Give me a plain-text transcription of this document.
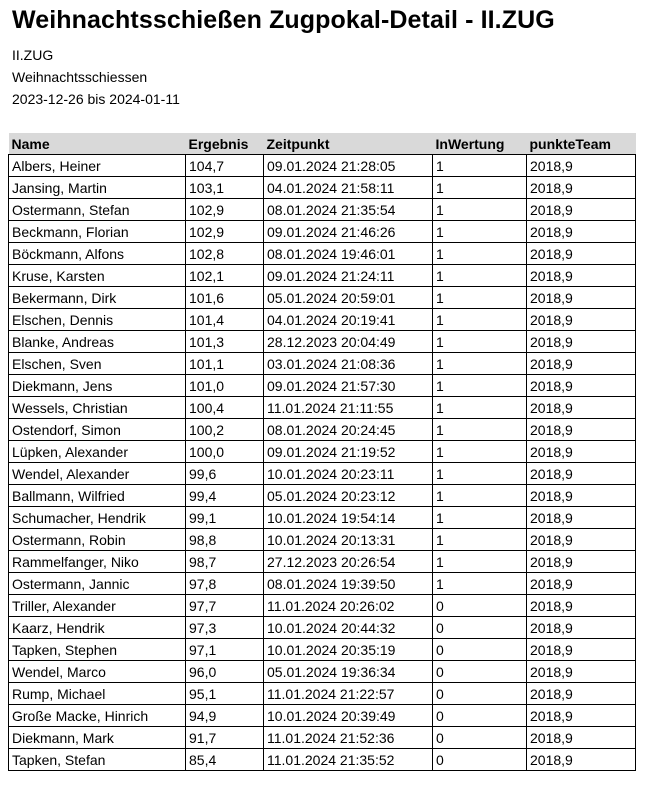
Weihnachtsschießen Zugpokal-Detail - II.ZUG
II.ZUG
Weihnachtsschiessen
2023-12-26 bis 2024-01-11
Name	Ergebnis	Zeitpunkt	InWertung	punkteTeam
Albers, Heiner	104,7	09.01.2024 21:28:05	1	2018,9
Jansing, Martin	103,1	04.01.2024 21:58:11	1	2018,9
Ostermann, Stefan	102,9	08.01.2024 21:35:54	1	2018,9
Beckmann, Florian	102,9	09.01.2024 21:46:26	1	2018,9
Böckmann, Alfons	102,8	08.01.2024 19:46:01	1	2018,9
Kruse, Karsten	102,1	09.01.2024 21:24:11	1	2018,9
Bekermann, Dirk	101,6	05.01.2024 20:59:01	1	2018,9
Elschen, Dennis	101,4	04.01.2024 20:19:41	1	2018,9
Blanke, Andreas	101,3	28.12.2023 20:04:49	1	2018,9
Elschen, Sven	101,1	03.01.2024 21:08:36	1	2018,9
Diekmann, Jens	101,0	09.01.2024 21:57:30	1	2018,9
Wessels, Christian	100,4	11.01.2024 21:11:55	1	2018,9
Ostendorf, Simon	100,2	08.01.2024 20:24:45	1	2018,9
Lüpken, Alexander	100,0	09.01.2024 21:19:52	1	2018,9
Wendel, Alexander	99,6	10.01.2024 20:23:11	1	2018,9
Ballmann, Wilfried	99,4	05.01.2024 20:23:12	1	2018,9
Schumacher, Hendrik	99,1	10.01.2024 19:54:14	1	2018,9
Ostermann, Robin	98,8	10.01.2024 20:13:31	1	2018,9
Rammelfanger, Niko	98,7	27.12.2023 20:26:54	1	2018,9
Ostermann, Jannic	97,8	08.01.2024 19:39:50	1	2018,9
Triller, Alexander	97,7	11.01.2024 20:26:02	0	2018,9
Kaarz, Hendrik	97,3	10.01.2024 20:44:32	0	2018,9
Tapken, Stephen	97,1	10.01.2024 20:35:19	0	2018,9
Wendel, Marco	96,0	05.01.2024 19:36:34	0	2018,9
Rump, Michael	95,1	11.01.2024 21:22:57	0	2018,9
Große Macke, Hinrich	94,9	10.01.2024 20:39:49	0	2018,9
Diekmann, Mark	91,7	11.01.2024 21:52:36	0	2018,9
Tapken, Stefan	85,4	11.01.2024 21:35:52	0	2018,9
